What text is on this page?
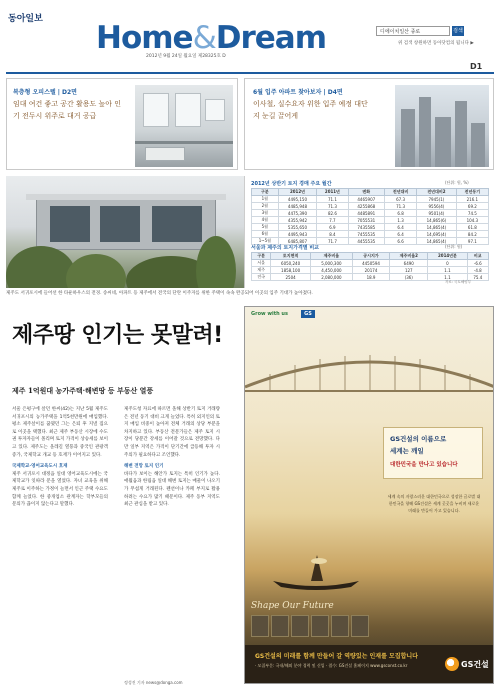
동아일보
Home&Dream
2012년 9월 24일 월요일 제28325호 D
디에이치일산 종로	검색
위 검색 창원하면 동아닷컴의 됩니다 ▶
D1
복층형 오피스텔 | D2면
임대 여건 좋고 공간 활용도 높아 인기 전두시 위주로 대거 공급
6월 입주 아파트 찾아보자 | D4면
이사철, 실수요자 위한 입주 예정 대단지 눈길 끌어게
2012년 상반기 토지 경매 주요 월간	(단위: 원, %)
구분	2012년	2011년	변화	전년대비	전년대비2	전년동기
1월	4495,150	71.1	4465907	67.3	7945(1)	216.1
2월	4485,948	71.3	4255868	71.3	9556(4)	69.2
3월	4475,390	82.6	4485891	6.8	9501(4)	74.5
4월	4355,942	7.7	7055531	1.3	14,865(6)	104.3
5월	5355,650	6.9	7435585	6.4	14,865(4)	61.8
6월	4495,943	8.4	7455535	6.4	14,695(4)	84.2
1~5월	6485,807	71.7	4455535	6.6	14,865(4)	97.1
서울과 제주의 토지가격별 비교	(단위: 원)
구분	토지면적	제주비율	공시지가	제주비율2	2014년분	비교
서울	6050,240	5,000,300	4450594	6490	0	-6.6
제주	1858,100	4,450,000	20174	127	1.1	-4.8
전국	2504	2,080,000	18.9	(36)	1.1	75.4
자료: 국토해양부
제주도 서귀포시에 들어선 한 타운하우스의 전경. 송씨네, 아파트 등 제주에서 전국의 단란 이주자를 위한 주택이 속속 완공되어 이곳의 입주 기대가 높아졌다.
제주땅 인기는 못말려!
제주 1억원대 농가주택·해변땅 등 부동산 열풍
서울 은평구에 살던 한씨(42)는 지난 5월 제주도 서귀포시의 농가주택을 1억5천만원에 매입했다. 평소 제주살이를 꿈꿨던 그는 은퇴 후 지낼 집으로 이곳을 택했다. 최근 제주 부동산 시장에 수도권 투자자들이 몰리며 토지 가격이 상승세를 보이고 있다. 제주도는 올레길 열풍과 중국인 관광객 증가, 국제학교 개교 등 호재가 이어지고 있다.
국제학교·영어교육도시 호재
제주 서귀포시 대정읍 일대 영어교육도시에는 국제학교가 잇따라 문을 열었다. 자녀 교육을 위해 제주로 이주하는 가정이 늘면서 인근 주택 수요도 함께 늘었다. 한 중개업소 관계자는 학부모들의 문의가 끊이지 않는다고 말했다.
제주도청 자료에 따르면 올해 상반기 토지 거래량은 전년 동기 대비 크게 늘었다. 특히 외지인의 토지 매입 비중이 높아져 전체 거래의 상당 부분을 차지하고 있다. 부동산 전문가들은 제주 토지 시장이 당분간 강세를 이어갈 것으로 전망했다. 다만 일부 지역은 가격이 단기간에 급등해 투자 시 주의가 필요하다고 조언했다.
해변 전망 토지 인기
바다가 보이는 해안가 토지는 특히 인기가 높다. 애월읍과 한림읍 일대 해변 토지는 매물이 나오기가 무섭게 거래된다. 펜션이나 카페 부지로 활용하려는 수요가 많기 때문이다. 제주 동부 지역도 최근 관심을 받고 있다.
정성진 기자 news@donga.com
Grow with us	GS
GS건설의 이름으로
세계는 깨일
대한민국을 만나고 있습니다
세계 속의 자랑스러운 대한민국으로 성장한 글로벌 대한민국을 향해 GS건설은 세계 곳곳을 누비며 새로운 미래를 만들어 가고 있습니다.
Shape Our Future
GS건설의 미래를 함께 만들어 갈 역량있는 인재를 모집합니다
· 모집부문: 국내/해외 분야 경력 및 신입 · 접수: GS건설 홈페이지 www.gsconst.co.kr	GS건설
